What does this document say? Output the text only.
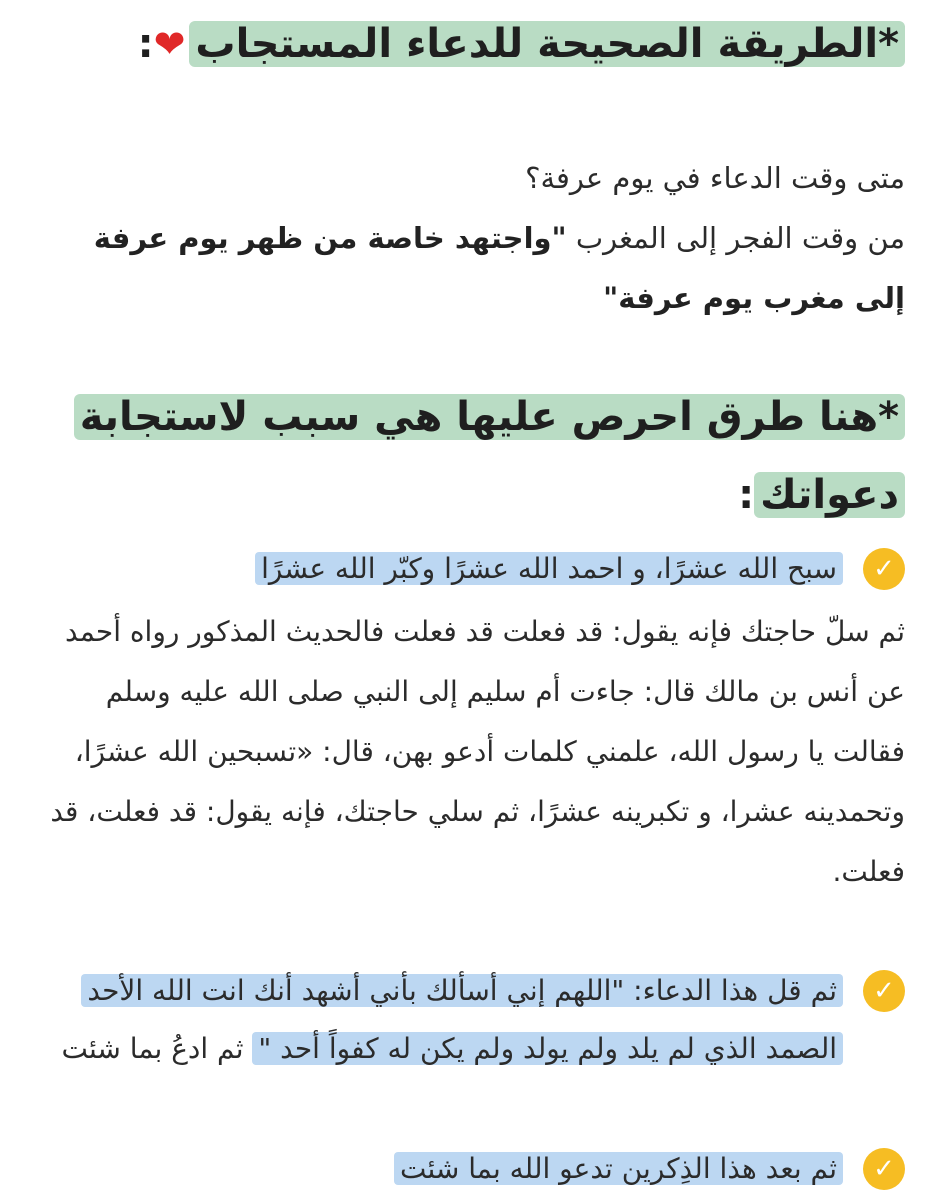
*الطريقة الصحيحة للدعاء المستجاب❤:
متى وقت الدعاء في يوم عرفة؟
من وقت الفجر إلى المغرب "واجتهد خاصة من ظهر يوم عرفة إلى مغرب يوم عرفة"
*هنا طرق احرص عليها هي سبب لاستجابة دعواتك:
✓
سبح الله عشرًا، و احمد الله عشرًا وكبّر الله عشرًا
ثم سلّ حاجتك فإنه يقول: قد فعلت قد فعلت فالحديث المذكور رواه أحمد عن أنس بن مالك قال: جاءت أم سليم إلى النبي صلى الله عليه وسلم فقالت يا رسول الله، علمني كلمات أدعو بهن، قال: «تسبحين الله عشرًا، وتحمدينه عشرا، و تكبرينه عشرًا، ثم سلي حاجتك، فإنه يقول: قد فعلت، قد فعلت.
✓
ثم قل هذا الدعاء: "اللهم إني أسألك بأني أشهد أنك انت الله الأحد الصمد الذي لم يلد ولم يولد ولم يكن له كفواً أحد " ثم ادعُ بما شئت
✓
ثم بعد هذا الذِكرين تدعو الله بما شئت
